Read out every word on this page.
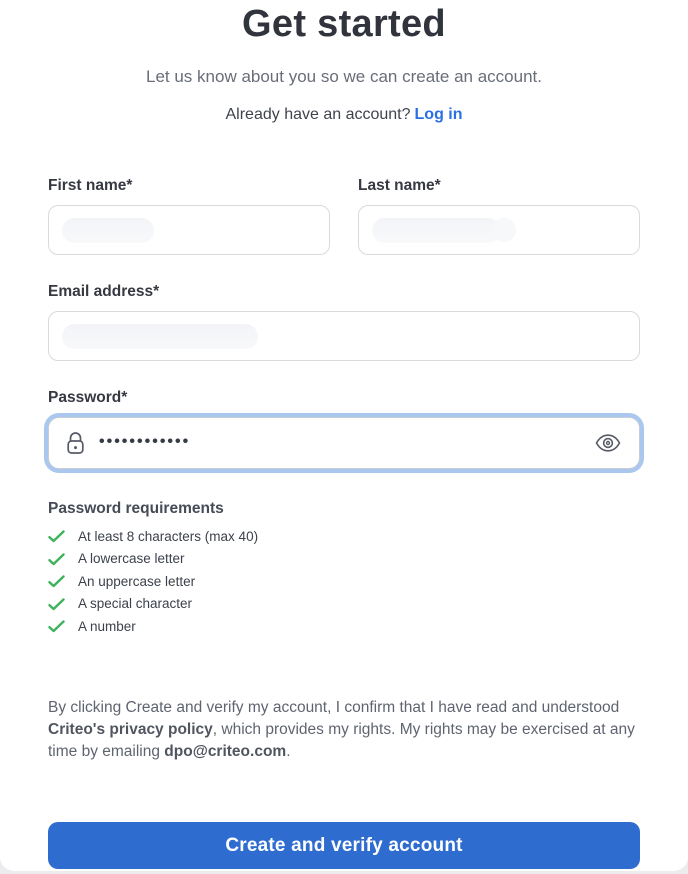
Get started
Let us know about you so we can create an account.
Already have an account? Log in
First name*	Last name*
Email address*
Password*
••••••••••••
Password requirements
At least 8 characters (max 40)
A lowercase letter
An uppercase letter
A special character
A number

By clicking Create and verify my account, I confirm that I have read and understood Criteo's privacy policy, which provides my rights. My rights may be exercised at any time by emailing dpo@criteo.com.

Create and verify account
